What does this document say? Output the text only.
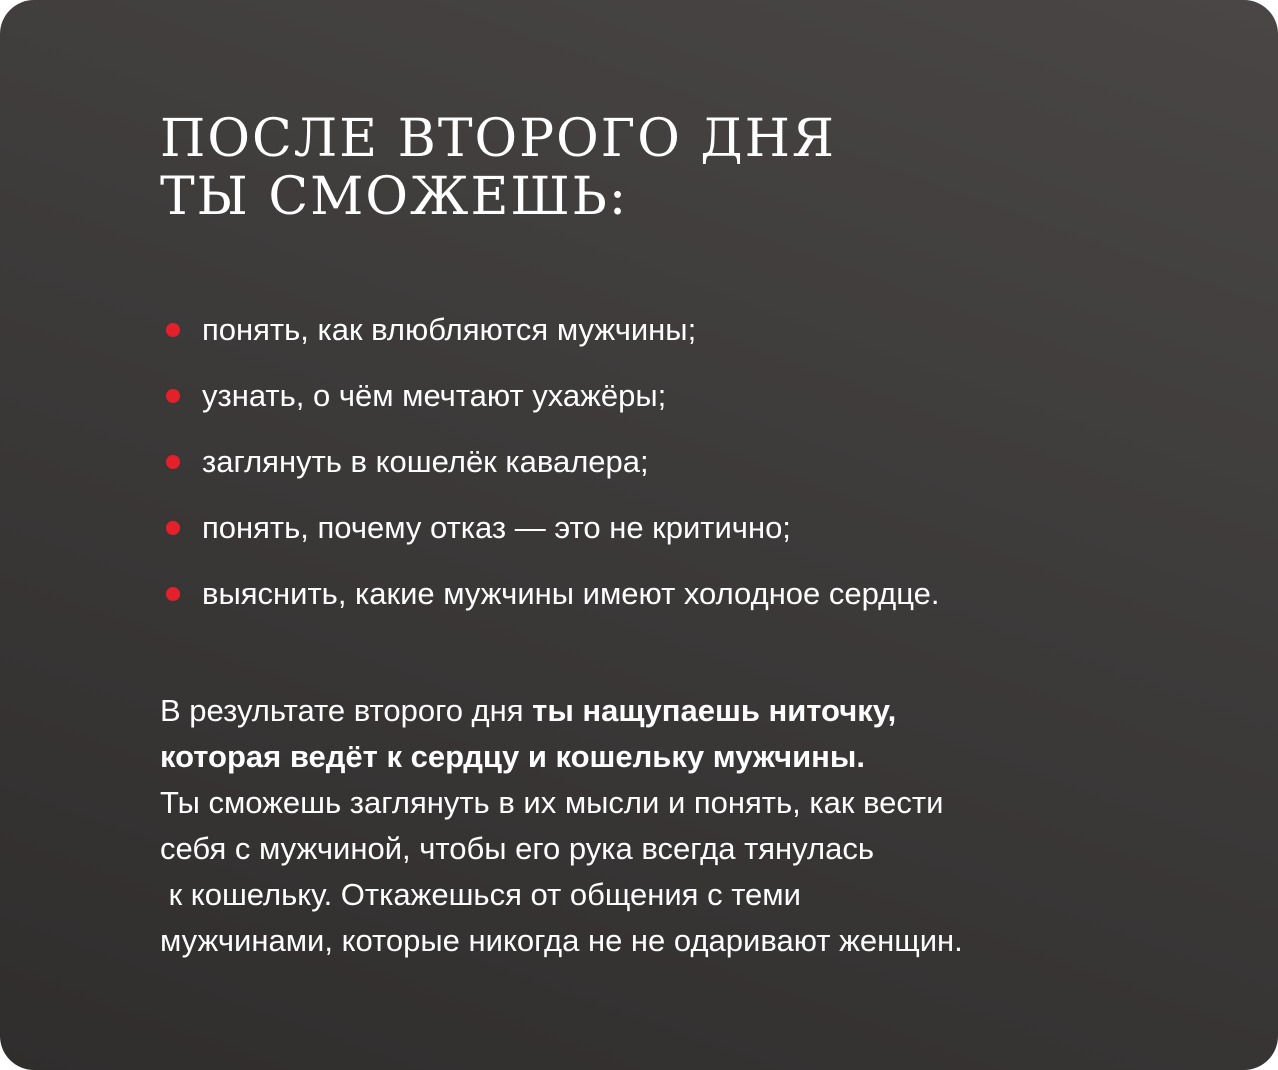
ПОСЛЕ ВТОРОГО ДНЯ
ТЫ СМОЖЕШЬ:
понять, как влюбляются мужчины;
узнать, о чём мечтают ухажёры;
заглянуть в кошелёк кавалера;
понять, почему отказ — это не критично;
выяснить, какие мужчины имеют холодное сердце.
В результате второго дня ты нащупаешь ниточку,
которая ведёт к сердцу и кошельку мужчины.
Ты сможешь заглянуть в их мысли и понять, как вести
себя с мужчиной, чтобы его рука всегда тянулась
к кошельку. Откажешься от общения с теми
мужчинами, которые никогда не не одаривают женщин.
